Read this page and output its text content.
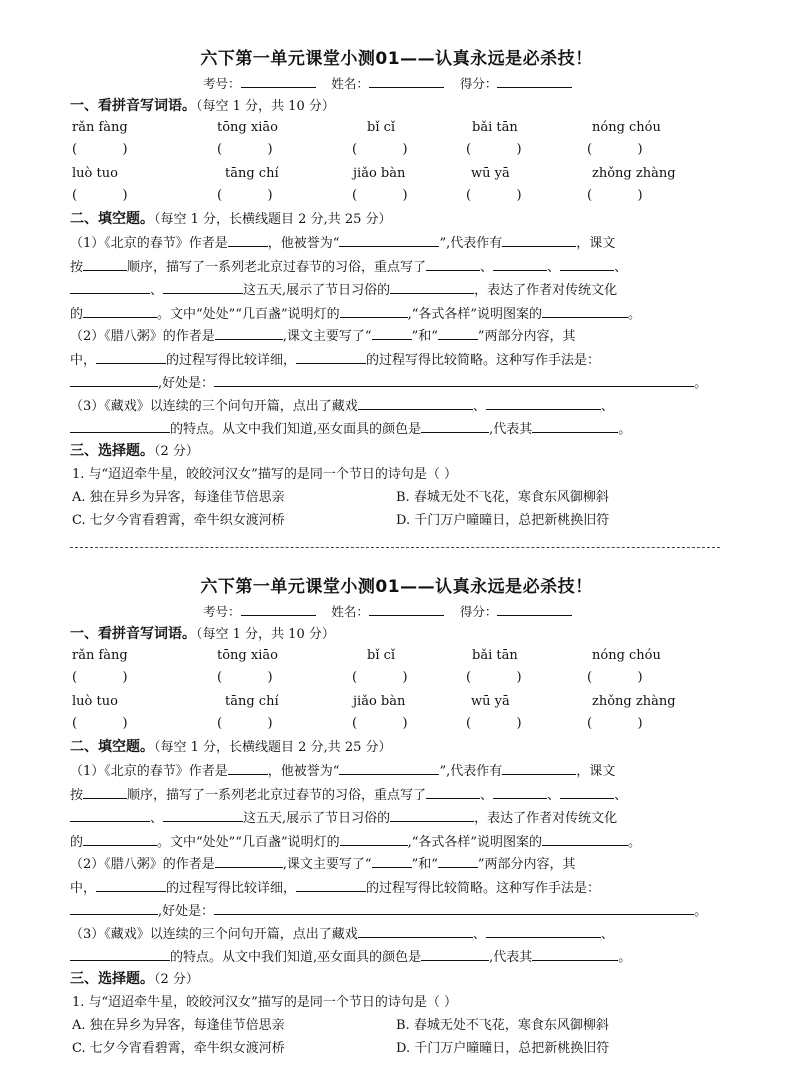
六下第一单元课堂小测01——认真永远是必杀技！
考号：	姓名：	得分：
一、看拼音写词语。（每空 1 分，共 10 分）
rǎn fàng	tōng xiāo	bǐ cǐ	bǎi tān	nóng chóu
(           )	(           )	(           )	(           )	(           )
luò tuo	tāng chí	jiǎo bàn	wū yā	zhǒng zhàng
(           )	(           )	(           )	(           )	(           )
二、填空题。（每空 1 分，长横线题目 2 分,共 25 分）
（1）《北京的春节》作者是	，他被誉为“	”,代表作有	，课文
按	顺序，描写了一系列老北京过春节的习俗，重点写了	、	、	、
、	这五天,展示了节日习俗的	，表达了作者对传统文化
的	。文中“处处”“几百盏”说明灯的	,“各式各样”说明图案的	。
（2）《腊八粥》的作者是	,课文主要写了“	”和“	”两部分内容，其
中，	的过程写得比较详细，	的过程写得比较简略。这种写作手法是：
,好处是：	。
（3）《藏戏》以连续的三个问句开篇，点出了藏戏	、	、
的特点。从文中我们知道,巫女面具的颜色是	,代表其	。
三、选择题。（2 分）
1. 与“迢迢牵牛星，皎皎河汉女”描写的是同一个节日的诗句是（ ）
A. 独在异乡为异客，每逢佳节倍思亲	B. 春城无处不飞花，寒食东风御柳斜
C. 七夕今宵看碧霄，牵牛织女渡河桥	D. 千门万户曈曈日，总把新桃换旧符
六下第一单元课堂小测01——认真永远是必杀技！
考号：	姓名：	得分：
一、看拼音写词语。（每空 1 分，共 10 分）
rǎn fàng	tōng xiāo	bǐ cǐ	bǎi tān	nóng chóu
(           )	(           )	(           )	(           )	(           )
luò tuo	tāng chí	jiǎo bàn	wū yā	zhǒng zhàng
(           )	(           )	(           )	(           )	(           )
二、填空题。（每空 1 分，长横线题目 2 分,共 25 分）
（1）《北京的春节》作者是	，他被誉为“	”,代表作有	，课文
按	顺序，描写了一系列老北京过春节的习俗，重点写了	、	、	、
、	这五天,展示了节日习俗的	，表达了作者对传统文化
的	。文中“处处”“几百盏”说明灯的	,“各式各样”说明图案的	。
（2）《腊八粥》的作者是	,课文主要写了“	”和“	”两部分内容，其
中，	的过程写得比较详细，	的过程写得比较简略。这种写作手法是：
,好处是：	。
（3）《藏戏》以连续的三个问句开篇，点出了藏戏	、	、
的特点。从文中我们知道,巫女面具的颜色是	,代表其	。
三、选择题。（2 分）
1. 与“迢迢牵牛星，皎皎河汉女”描写的是同一个节日的诗句是（ ）
A. 独在异乡为异客，每逢佳节倍思亲	B. 春城无处不飞花，寒食东风御柳斜
C. 七夕今宵看碧霄，牵牛织女渡河桥	D. 千门万户曈曈日，总把新桃换旧符
